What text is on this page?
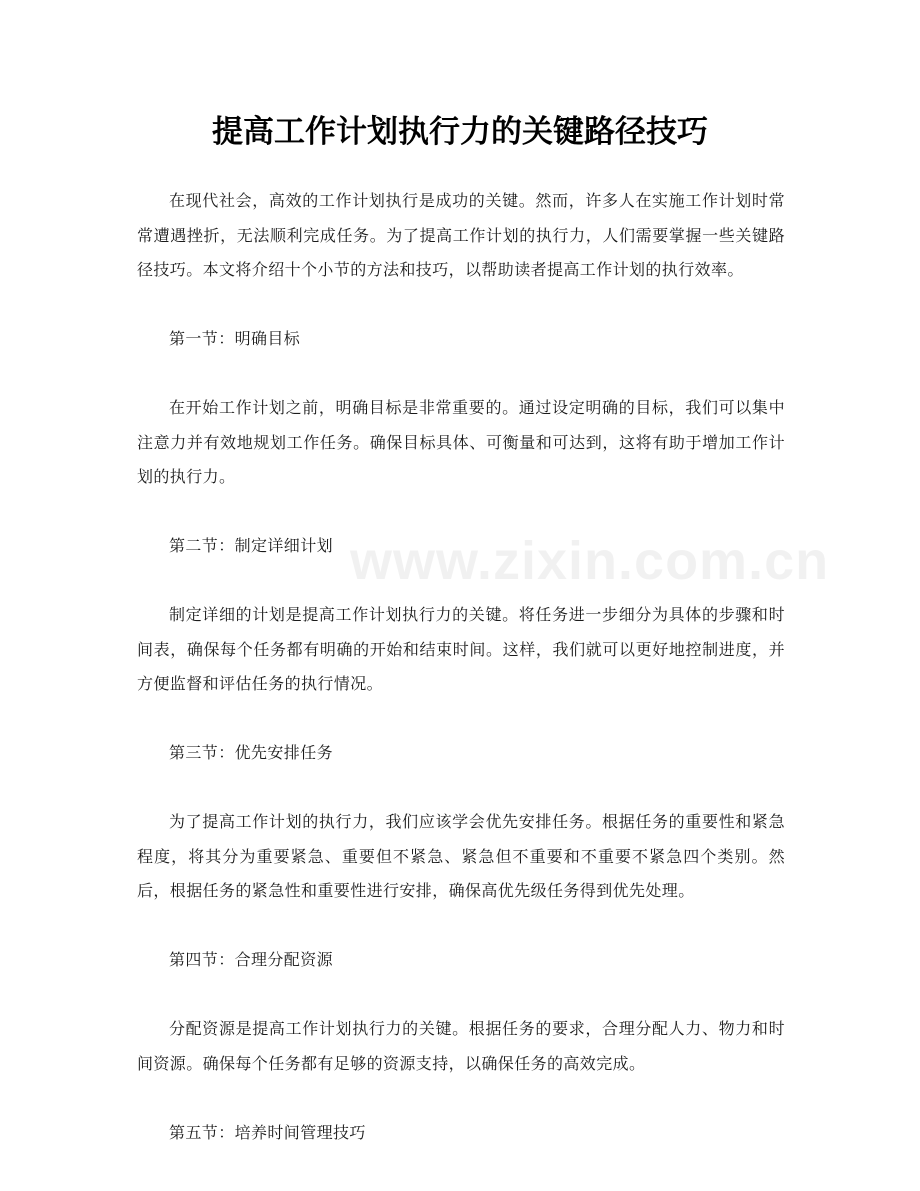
www.zixin.com.cn
提高工作计划执行力的关键路径技巧

在现代社会，高效的工作计划执行是成功的关键。然而，许多人在实施工作计划时常常遭遇挫折，无法顺利完成任务。为了提高工作计划的执行力，人们需要掌握一些关键路径技巧。本文将介绍十个小节的方法和技巧，以帮助读者提高工作计划的执行效率。

第一节：明确目标

在开始工作计划之前，明确目标是非常重要的。通过设定明确的目标，我们可以集中注意力并有效地规划工作任务。确保目标具体、可衡量和可达到，这将有助于增加工作计划的执行力。

第二节：制定详细计划

制定详细的计划是提高工作计划执行力的关键。将任务进一步细分为具体的步骤和时间表，确保每个任务都有明确的开始和结束时间。这样，我们就可以更好地控制进度，并方便监督和评估任务的执行情况。

第三节：优先安排任务

为了提高工作计划的执行力，我们应该学会优先安排任务。根据任务的重要性和紧急程度，将其分为重要紧急、重要但不紧急、紧急但不重要和不重要不紧急四个类别。然后，根据任务的紧急性和重要性进行安排，确保高优先级任务得到优先处理。

第四节：合理分配资源

分配资源是提高工作计划执行力的关键。根据任务的要求，合理分配人力、物力和时间资源。确保每个任务都有足够的资源支持，以确保任务的高效完成。

第五节：培养时间管理技巧
